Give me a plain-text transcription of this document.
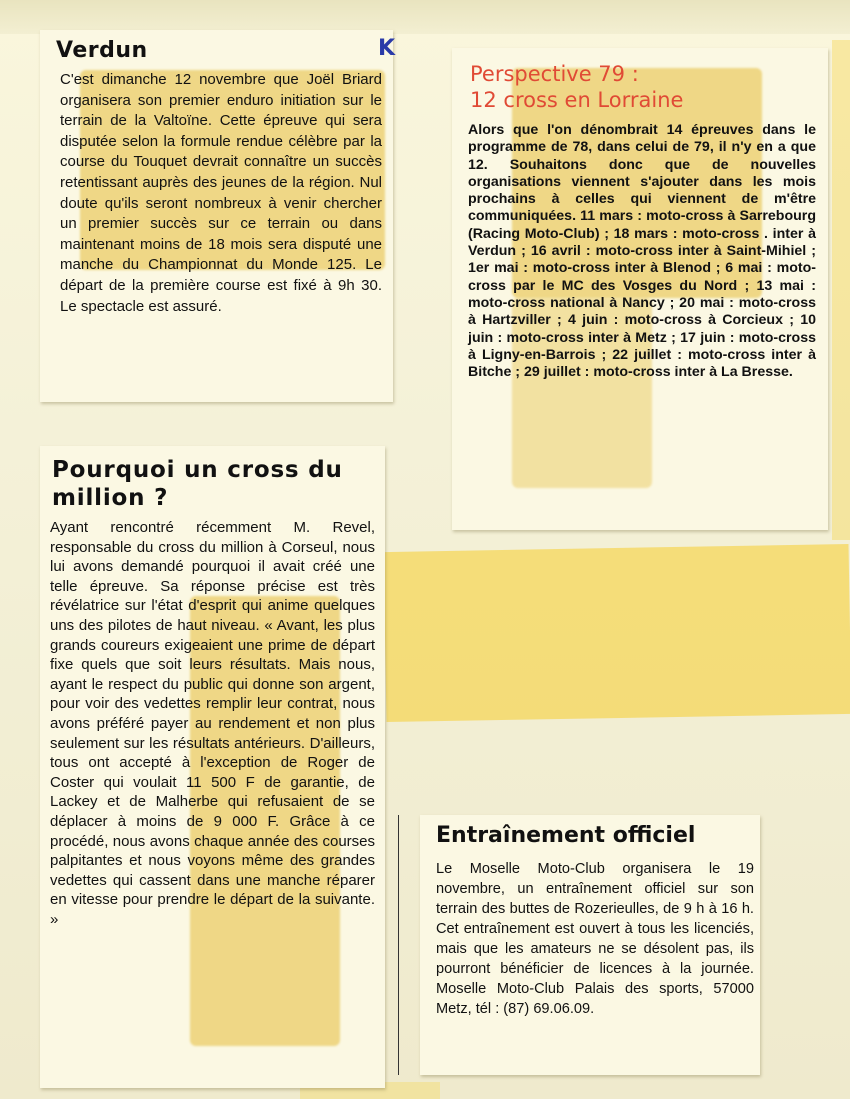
Verdun	K

C'est dimanche 12 novembre que Joël Briard organisera son premier enduro initiation sur le terrain de la Valtoïne. Cette épreuve qui sera disputée selon la formule rendue célèbre par la course du Touquet devrait connaître un succès retentissant auprès des jeunes de la région. Nul doute qu'ils seront nombreux à venir chercher un premier succès sur ce terrain ou dans maintenant moins de 18 mois sera disputé une manche du Championnat du Monde 125. Le départ de la première course est fixé à 9h 30. Le spectacle est assuré.

Perspective 79 :
12 cross en Lorraine

Alors que l'on dénombrait 14 épreuves dans le programme de 78, dans celui de 79, il n'y en a que 12. Souhaitons donc que de nouvelles organisations viennent s'ajouter dans les mois prochains à celles qui viennent de m'être communiquées. 11 mars : moto-cross à Sarrebourg (Racing Moto-Club) ; 18 mars : moto-cross . inter à Verdun ; 16 avril : moto-cross inter à Saint-Mihiel ; 1er mai : moto-cross inter à Blenod ; 6 mai : moto-cross par le MC des Vosges du Nord ; 13 mai : moto-cross national à Nancy ; 20 mai : moto-cross à Hartzviller ; 4 juin : moto-cross à Corcieux ; 10 juin : moto-cross inter à Metz ; 17 juin : moto-cross à Ligny-en-Barrois ; 22 juillet : moto-cross inter à Bitche ; 29 juillet : moto-cross inter à La Bresse.

Pourquoi un cross du million ?

Ayant rencontré récemment M. Revel, responsable du cross du million à Corseul, nous lui avons demandé pourquoi il avait créé une telle épreuve. Sa réponse précise est très révélatrice sur l'état d'esprit qui anime quelques uns des pilotes de haut niveau. « Avant, les plus grands coureurs exigeaient une prime de départ fixe quels que soit leurs résultats. Mais nous, ayant le respect du public qui donne son argent, pour voir des vedettes remplir leur contrat, nous avons préféré payer au rendement et non plus seulement sur les résultats antérieurs. D'ailleurs, tous ont accepté à l'exception de Roger de Coster qui voulait 11 500 F de garantie, de Lackey et de Malherbe qui refusaient de se déplacer à moins de 9 000 F. Grâce à ce procédé, nous avons chaque année des courses palpitantes et nous voyons même des grandes vedettes qui cassent dans une manche réparer en vitesse pour prendre le départ de la suivante. »

Entraînement officiel

Le Moselle Moto-Club organisera le 19 novembre, un entraînement officiel sur son terrain des buttes de Rozerieulles, de 9 h à 16 h. Cet entraînement est ouvert à tous les licenciés, mais que les amateurs ne se désolent pas, ils pourront bénéficier de licences à la journée. Moselle Moto-Club Palais des sports, 57000 Metz, tél : (87) 69.06.09.
